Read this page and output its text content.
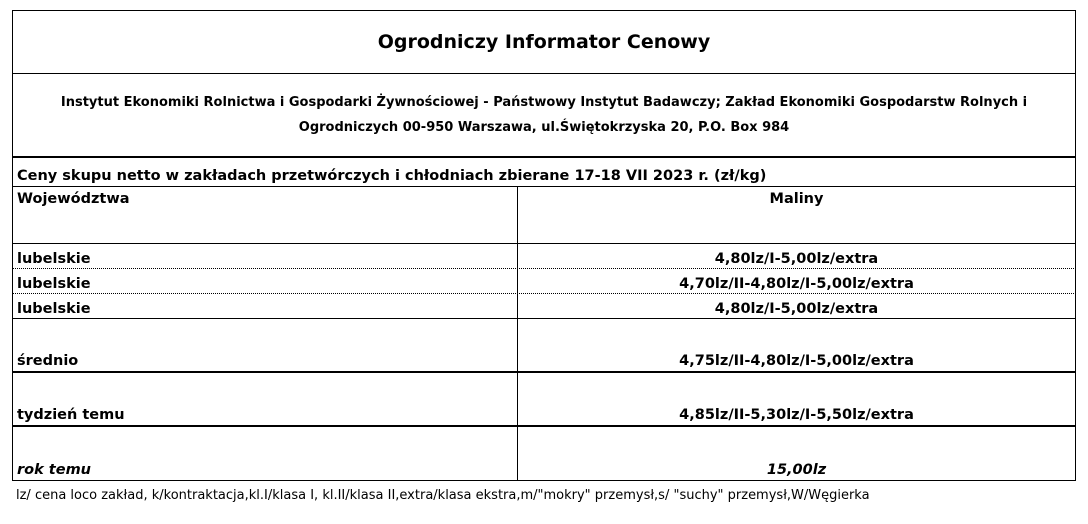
Ogrodniczy Informator Cenowy
Instytut Ekonomiki Rolnictwa i Gospodarki Żywnościowej - Państwowy Instytut Badawczy; Zakład Ekonomiki Gospodarstw Rolnych i
Ogrodniczych 00-950 Warszawa, ul.Świętokrzyska 20, P.O. Box 984
Ceny skupu netto w zakładach przetwórczych i chłodniach zbierane 17-18 VII 2023 r. (zł/kg)
Województwa	Maliny
lubelskie	4,80lz/I-5,00lz/extra
lubelskie	4,70lz/II-4,80lz/I-5,00lz/extra
lubelskie	4,80lz/I-5,00lz/extra
średnio	4,75lz/II-4,80lz/I-5,00lz/extra
tydzień temu	4,85lz/II-5,30lz/I-5,50lz/extra
rok temu	15,00lz
lz/ cena loco zakład, k/kontraktacja,kl.I/klasa I, kl.II/klasa II,extra/klasa ekstra,m/"mokry" przemysł,s/ "suchy" przemysł,W/Węgierka
